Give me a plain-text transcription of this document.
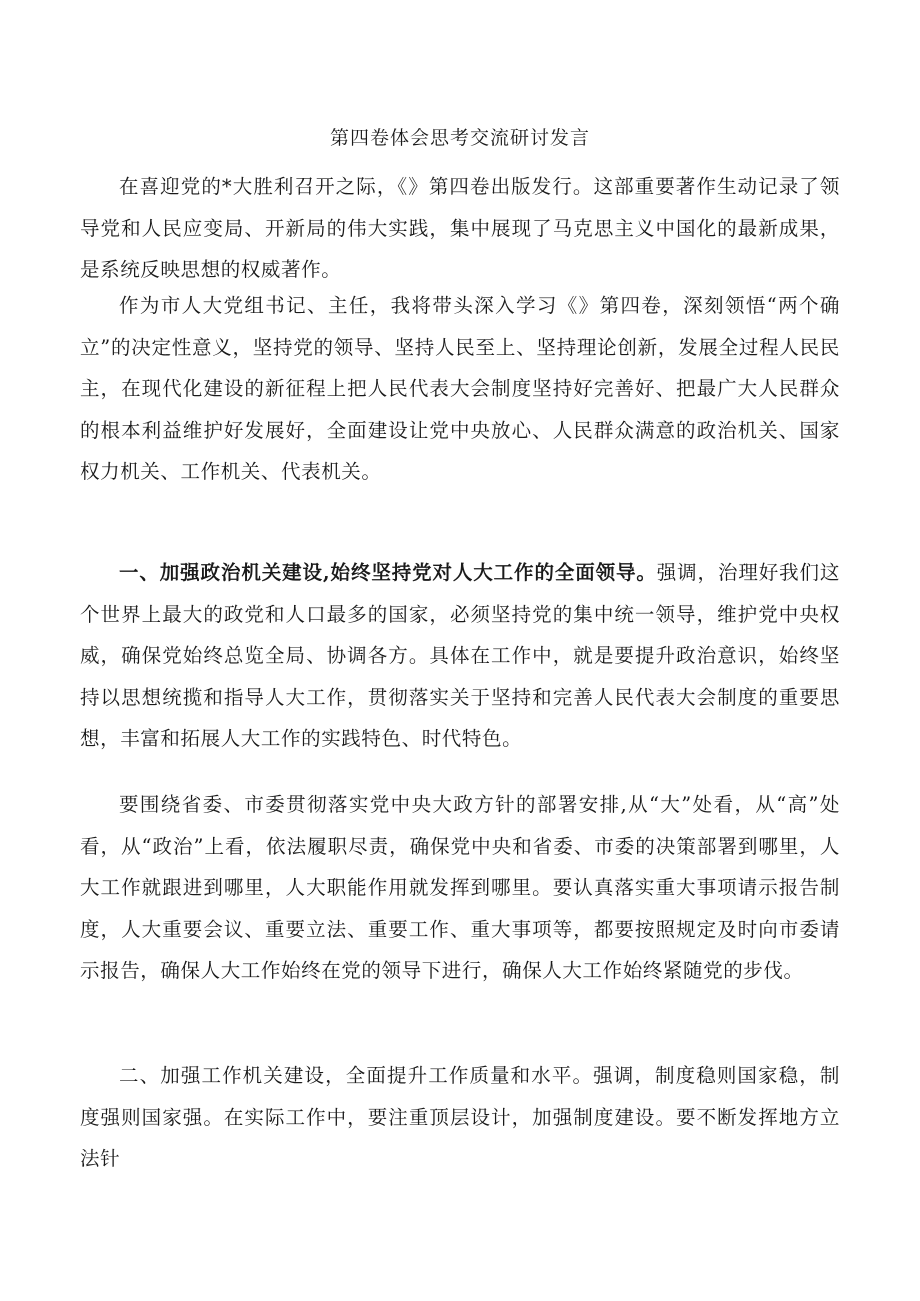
第四卷体会思考交流研讨发言

在喜迎党的*大胜利召开之际，《》第四卷出版发行。这部重要著作生动记录了领导党和人民应变局、开新局的伟大实践，集中展现了马克思主义中国化的最新成果，是系统反映思想的权威著作。

作为市人大党组书记、主任，我将带头深入学习《》第四卷，深刻领悟“两个确立”的决定性意义，坚持党的领导、坚持人民至上、坚持理论创新，发展全过程人民民主，在现代化建设的新征程上把人民代表大会制度坚持好完善好、把最广大人民群众的根本利益维护好发展好，全面建设让党中央放心、人民群众满意的政治机关、国家权力机关、工作机关、代表机关。

一、加强政治机关建设,始终坚持党对人大工作的全面领导。强调，治理好我们这个世界上最大的政党和人口最多的国家，必须坚持党的集中统一领导，维护党中央权威，确保党始终总览全局、协调各方。具体在工作中，就是要提升政治意识，始终坚持以思想统揽和指导人大工作，贯彻落实关于坚持和完善人民代表大会制度的重要思想，丰富和拓展人大工作的实践特色、时代特色。

要围绕省委、市委贯彻落实党中央大政方针的部署安排,从“大”处看，从“高”处看，从“政治”上看，依法履职尽责，确保党中央和省委、市委的决策部署到哪里，人大工作就跟进到哪里，人大职能作用就发挥到哪里。要认真落实重大事项请示报告制度，人大重要会议、重要立法、重要工作、重大事项等，都要按照规定及时向市委请示报告，确保人大工作始终在党的领导下进行，确保人大工作始终紧随党的步伐。

二、加强工作机关建设，全面提升工作质量和水平。强调，制度稳则国家稳，制度强则国家强。在实际工作中，要注重顶层设计，加强制度建设。要不断发挥地方立法针
